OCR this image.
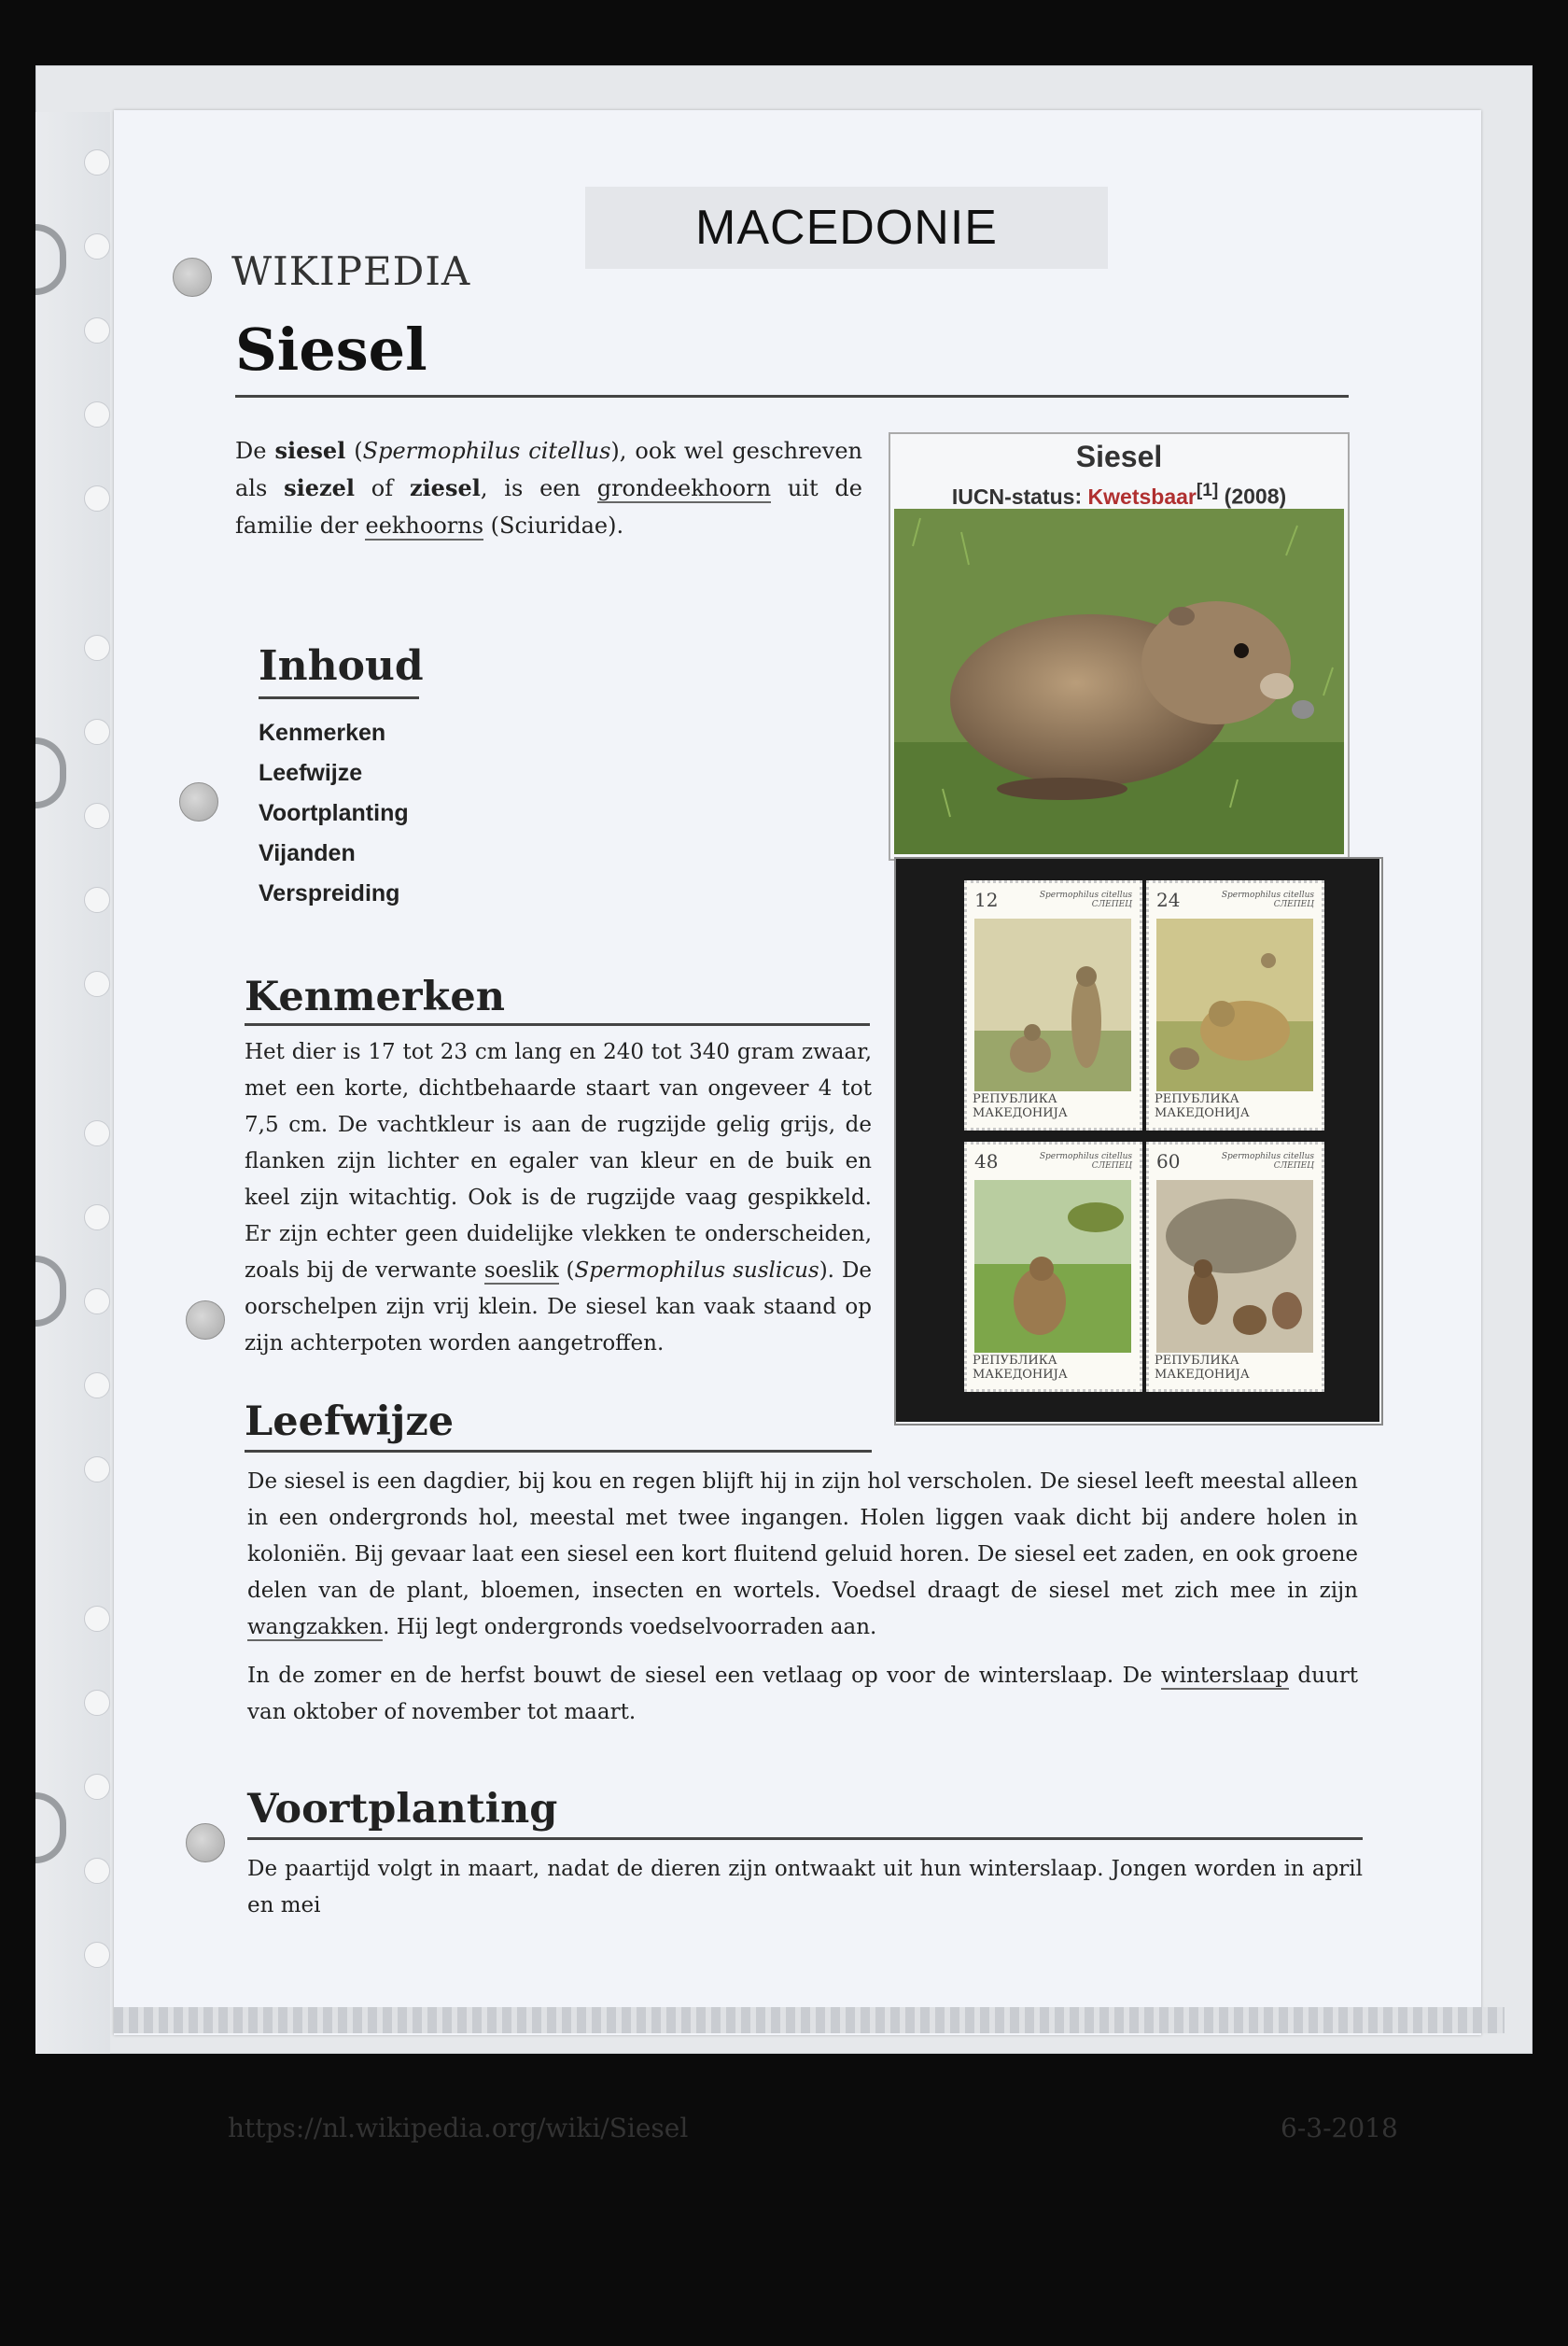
MACEDONIE
WIKIPEDIA
Siesel
De siesel (Spermophilus citellus), ook wel geschreven als siezel of ziesel, is een grondeekhoorn uit de familie der eekhoorns (Sciuridae).
Inhoud
Kenmerken
Leefwijze
Voortplanting
Vijanden
Verspreiding
Siesel
IUCN-status: Kwetsbaar[1] (2008)
12	Spermophilus citellus
СЛЕПЕЦ
РЕПУБЛИКА МАКЕДОНИЈА
24	Spermophilus citellus
СЛЕПЕЦ
РЕПУБЛИКА МАКЕДОНИЈА
48	Spermophilus citellus
СЛЕПЕЦ
РЕПУБЛИКА МАКЕДОНИЈА
60	Spermophilus citellus
СЛЕПЕЦ
РЕПУБЛИКА МАКЕДОНИЈА
Kenmerken
Het dier is 17 tot 23 cm lang en 240 tot 340 gram zwaar, met een korte, dichtbehaarde staart van ongeveer 4 tot 7,5 cm. De vachtkleur is aan de rugzijde gelig grijs, de flanken zijn lichter en egaler van kleur en de buik en keel zijn witachtig. Ook is de rugzijde vaag gespikkeld. Er zijn echter geen duidelijke vlekken te onderscheiden, zoals bij de verwante soeslik (Spermophilus suslicus). De oorschelpen zijn vrij klein. De siesel kan vaak staand op zijn achterpoten worden aangetroffen.
Leefwijze
De siesel is een dagdier, bij kou en regen blijft hij in zijn hol verscholen. De siesel leeft meestal alleen in een ondergronds hol, meestal met twee ingangen. Holen liggen vaak dicht bij andere holen in koloniën. Bij gevaar laat een siesel een kort fluitend geluid horen. De siesel eet zaden, en ook groene delen van de plant, bloemen, insecten en wortels. Voedsel draagt de siesel met zich mee in zijn wangzakken. Hij legt ondergronds voedselvoorraden aan.
In de zomer en de herfst bouwt de siesel een vetlaag op voor de winterslaap. De winterslaap duurt van oktober of november tot maart.
Voortplanting
De paartijd volgt in maart, nadat de dieren zijn ontwaakt uit hun winterslaap. Jongen worden in april en mei
https://nl.wikipedia.org/wiki/Siesel	6-3-2018
